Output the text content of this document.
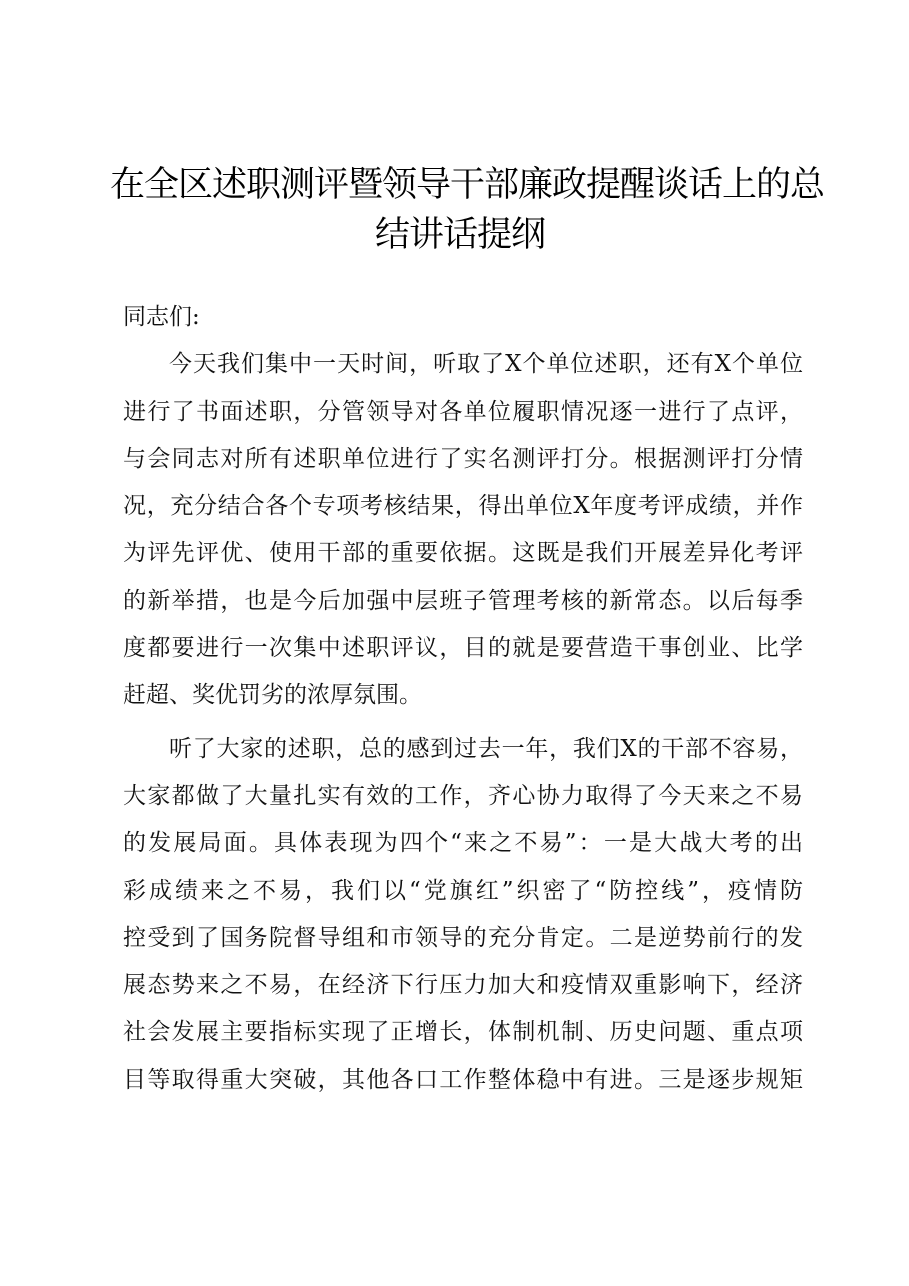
在全区述职测评暨领导干部廉政提醒谈话上的总
结讲话提纲

同志们:

今天我们集中一天时间，听取了X个单位述职，还有X个单位
进行了书面述职，分管领导对各单位履职情况逐一进行了点评，
与会同志对所有述职单位进行了实名测评打分。根据测评打分情
况，充分结合各个专项考核结果，得出单位X年度考评成绩，并作
为评先评优、使用干部的重要依据。这既是我们开展差异化考评
的新举措，也是今后加强中层班子管理考核的新常态。以后每季
度都要进行一次集中述职评议，目的就是要营造干事创业、比学
赶超、奖优罚劣的浓厚氛围。

听了大家的述职，总的感到过去一年，我们X的干部不容易，
大家都做了大量扎实有效的工作，齐心协力取得了今天来之不易
的发展局面。具体表现为四个“来之不易”：一是大战大考的出
彩成绩来之不易，我们以“党旗红”织密了“防控线”，疫情防
控受到了国务院督导组和市领导的充分肯定。二是逆势前行的发
展态势来之不易，在经济下行压力加大和疫情双重影响下，经济
社会发展主要指标实现了正增长，体制机制、历史问题、重点项
目等取得重大突破，其他各口工作整体稳中有进。三是逐步规矩
